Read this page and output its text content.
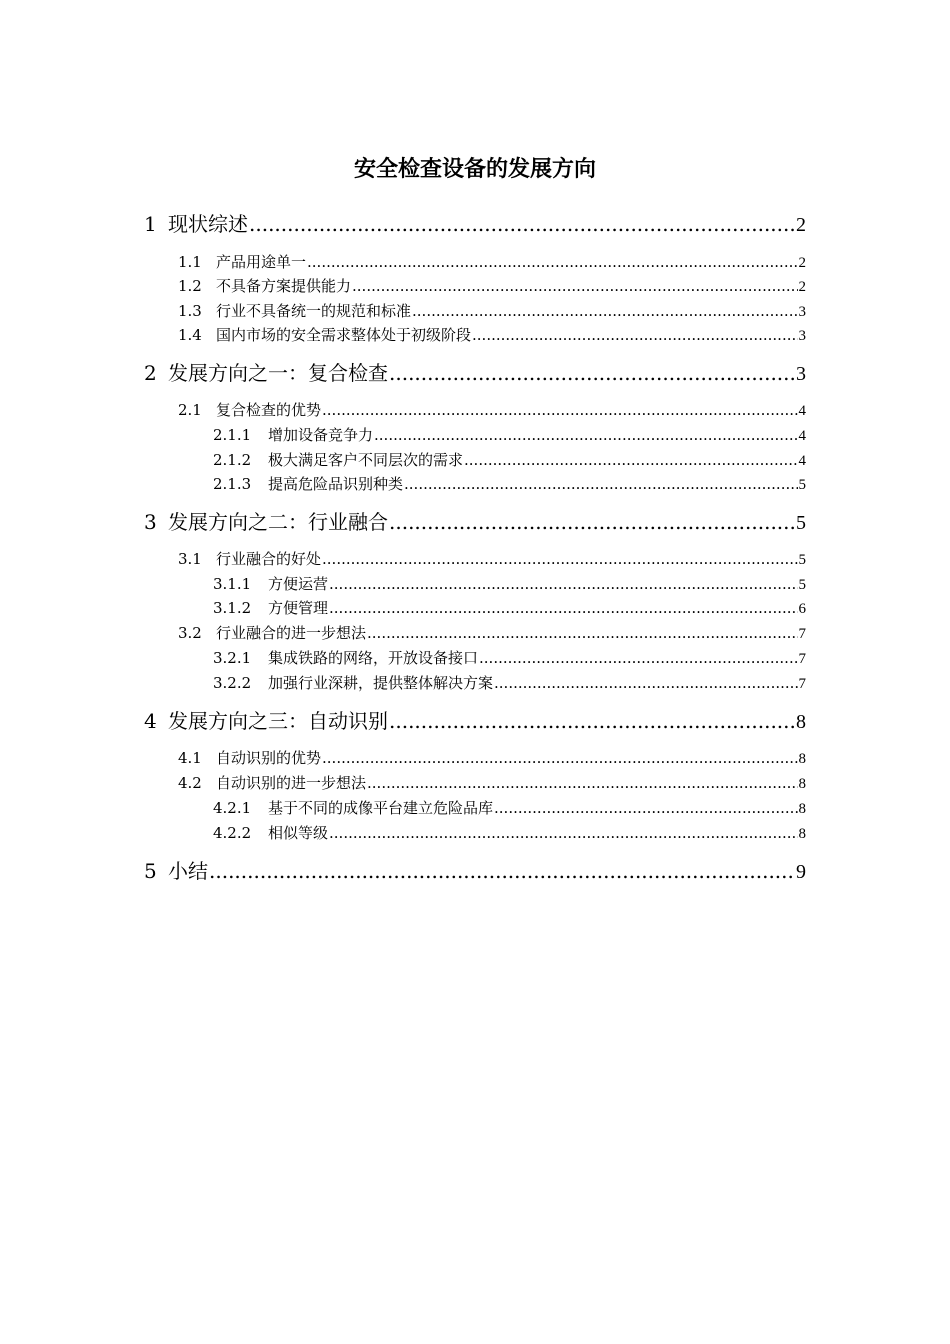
安全检查设备的发展方向
1 现状综述 .....	2
1.1 产品用途单一 .....	2
1.2 不具备方案提供能力 .....	2
1.3 行业不具备统一的规范和标准 .....	3
1.4 国内市场的安全需求整体处于初级阶段 .....	3
2 发展方向之一：复合检查 .....	3
2.1 复合检查的优势 .....	4
2.1.1	增加设备竞争力 .....	4
2.1.2	极大满足客户不同层次的需求 .....	4
2.1.3	提高危险品识别种类 .....	5
3 发展方向之二：行业融合 .....	5
3.1 行业融合的好处 .....	5
3.1.1	方便运营 .....	5
3.1.2	方便管理 .....	6
3.2 行业融合的进一步想法 .....	7
3.2.1	集成铁路的网络，开放设备接口 .....	7
3.2.2	加强行业深耕，提供整体解决方案 .....	7
4 发展方向之三：自动识别 .....	8
4.1 自动识别的优势 .....	8
4.2 自动识别的进一步想法 .....	8
4.2.1	基于不同的成像平台建立危险品库 .....	8
4.2.2	相似等级 .....	8
5 小结 .....	9
